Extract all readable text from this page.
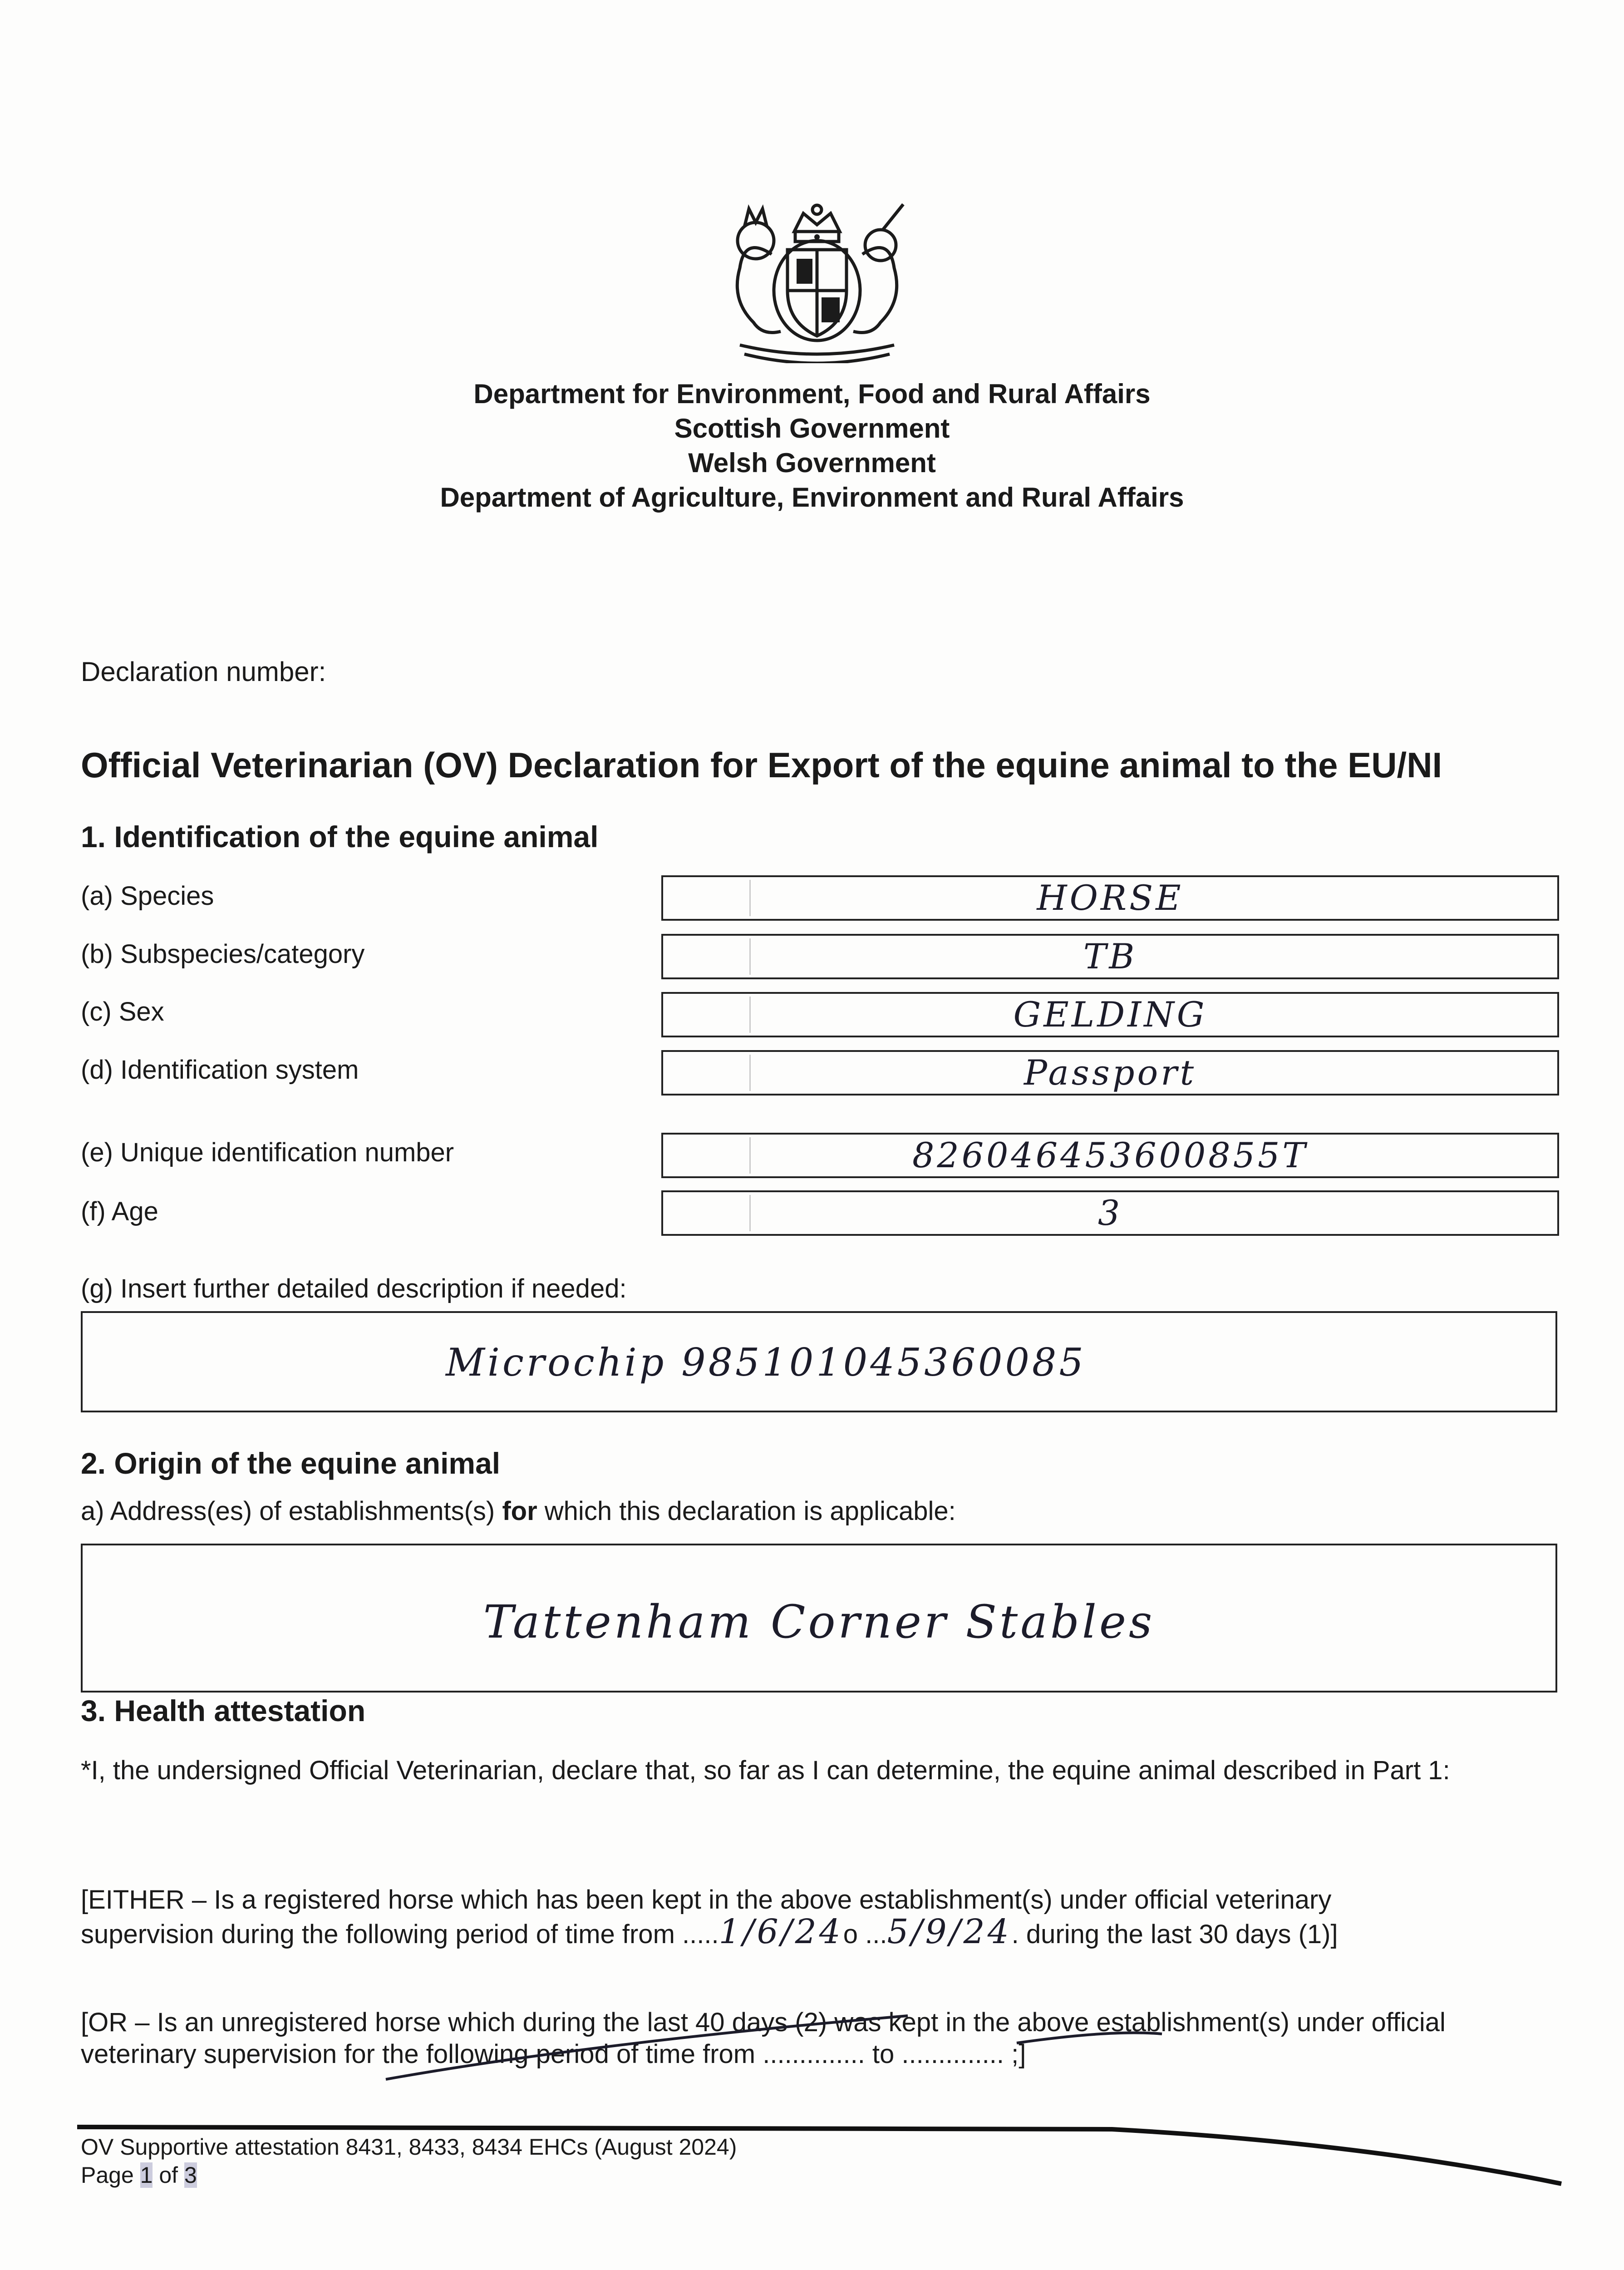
Department for Environment, Food and Rural Affairs
Scottish Government
Welsh Government
Department of Agriculture, Environment and Rural Affairs
Declaration number:
Official Veterinarian (OV) Declaration for Export of the equine animal to the EU/NI
1. Identification of the equine animal
(a) Species	HORSE
(b) Subspecies/category	TB
(c) Sex	GELDING
(d) Identification system	Passport
(e) Unique identification number	826046453600855T
(f) Age	3
(g) Insert further detailed description if needed:
Microchip 985101045360085
2. Origin of the equine animal
a) Address(es) of establishments(s) for which this declaration is applicable:
Tattenham Corner Stables
3. Health attestation
*I, the undersigned Official Veterinarian, declare that, so far as I can determine, the equine animal described in Part 1:
[EITHER – Is a registered horse which has been kept in the above establishment(s) under official veterinary
supervision during the following period of time from .....1/6/24o ...5/9/24. during the last 30 days (1)]
[OR – Is an unregistered horse which during the last 40 days (2) was kept in the above establishment(s) under official
veterinary supervision for the following period of time from .............. to .............. ;]
OV Supportive attestation 8431, 8433, 8434 EHCs (August 2024)
Page 1 of 3
